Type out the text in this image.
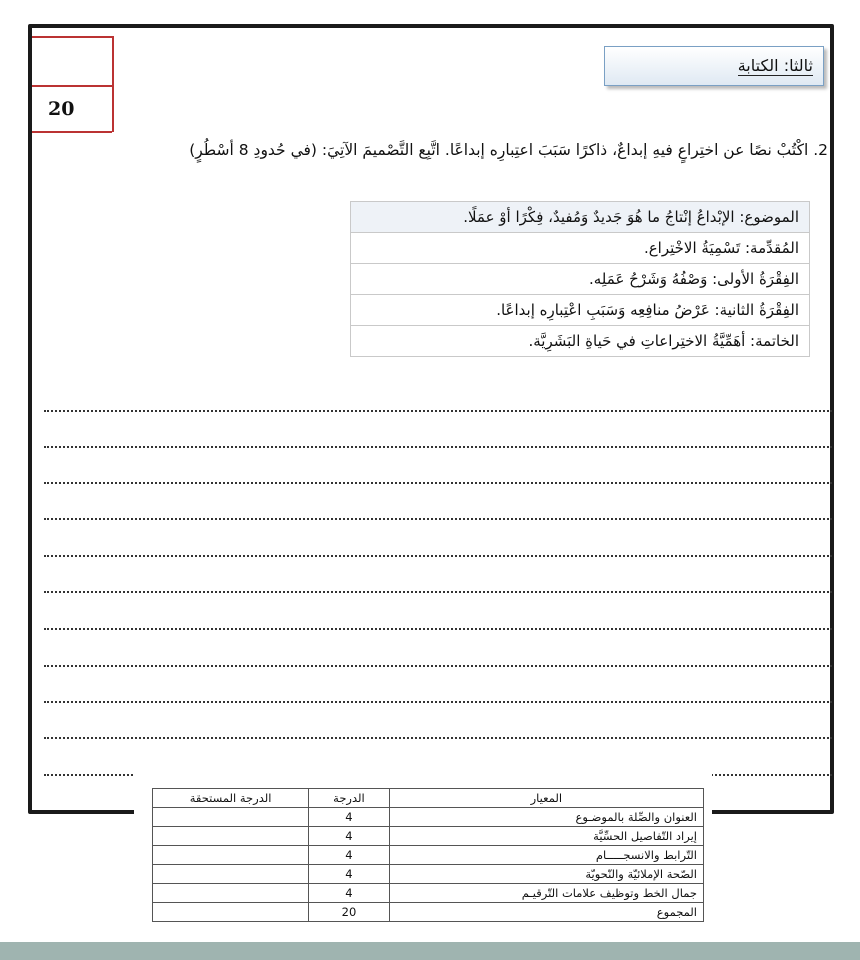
20
ثالثا: الكتابة
2. اكْتُبْ نصًا عن اختِراعٍ فيهِ إبداعٌ، ذاكرًا سَبَبَ اعتِبارِه إبداعًا. اتَّبِع التَّصْميمَ الآتِيَ: (في حُدودِ 8 أسْطُرٍ)
الموضوع: الإبْداعُ إنْتاجُ ما هُوَ جَديدٌ وَمُفيدٌ، فِكْرًا أوْ عمَلًا.
المُقدِّمة: تَسْمِيَةُ الاخْتِراع.
الفِقْرَةُ الأولى: وَصْفُهُ وَشَرْحُ عَمَلِه.
الفِقْرَةُ الثانية: عَرْضُ منافِعِه وَسَبَبِ اعْتِبارِه إبداعًا.
الخاتمة: أهَمِّيَّةُ الاختِراعاتِ في حَياةِ البَشَرِيَّة.
المعيار	الدرجة	الدرجة المستحقة
العنوان والصِّلة بالموضـوع	4	
إيراد التّفاصيل الحسِّيَّة	4	
التّرابط والانسجـــــام	4	
الصّحة الإملائيّة والنّحويّة	4	
جمال الخط وتوظيف علامات التّرقيـم	4	
المجموع	20	
